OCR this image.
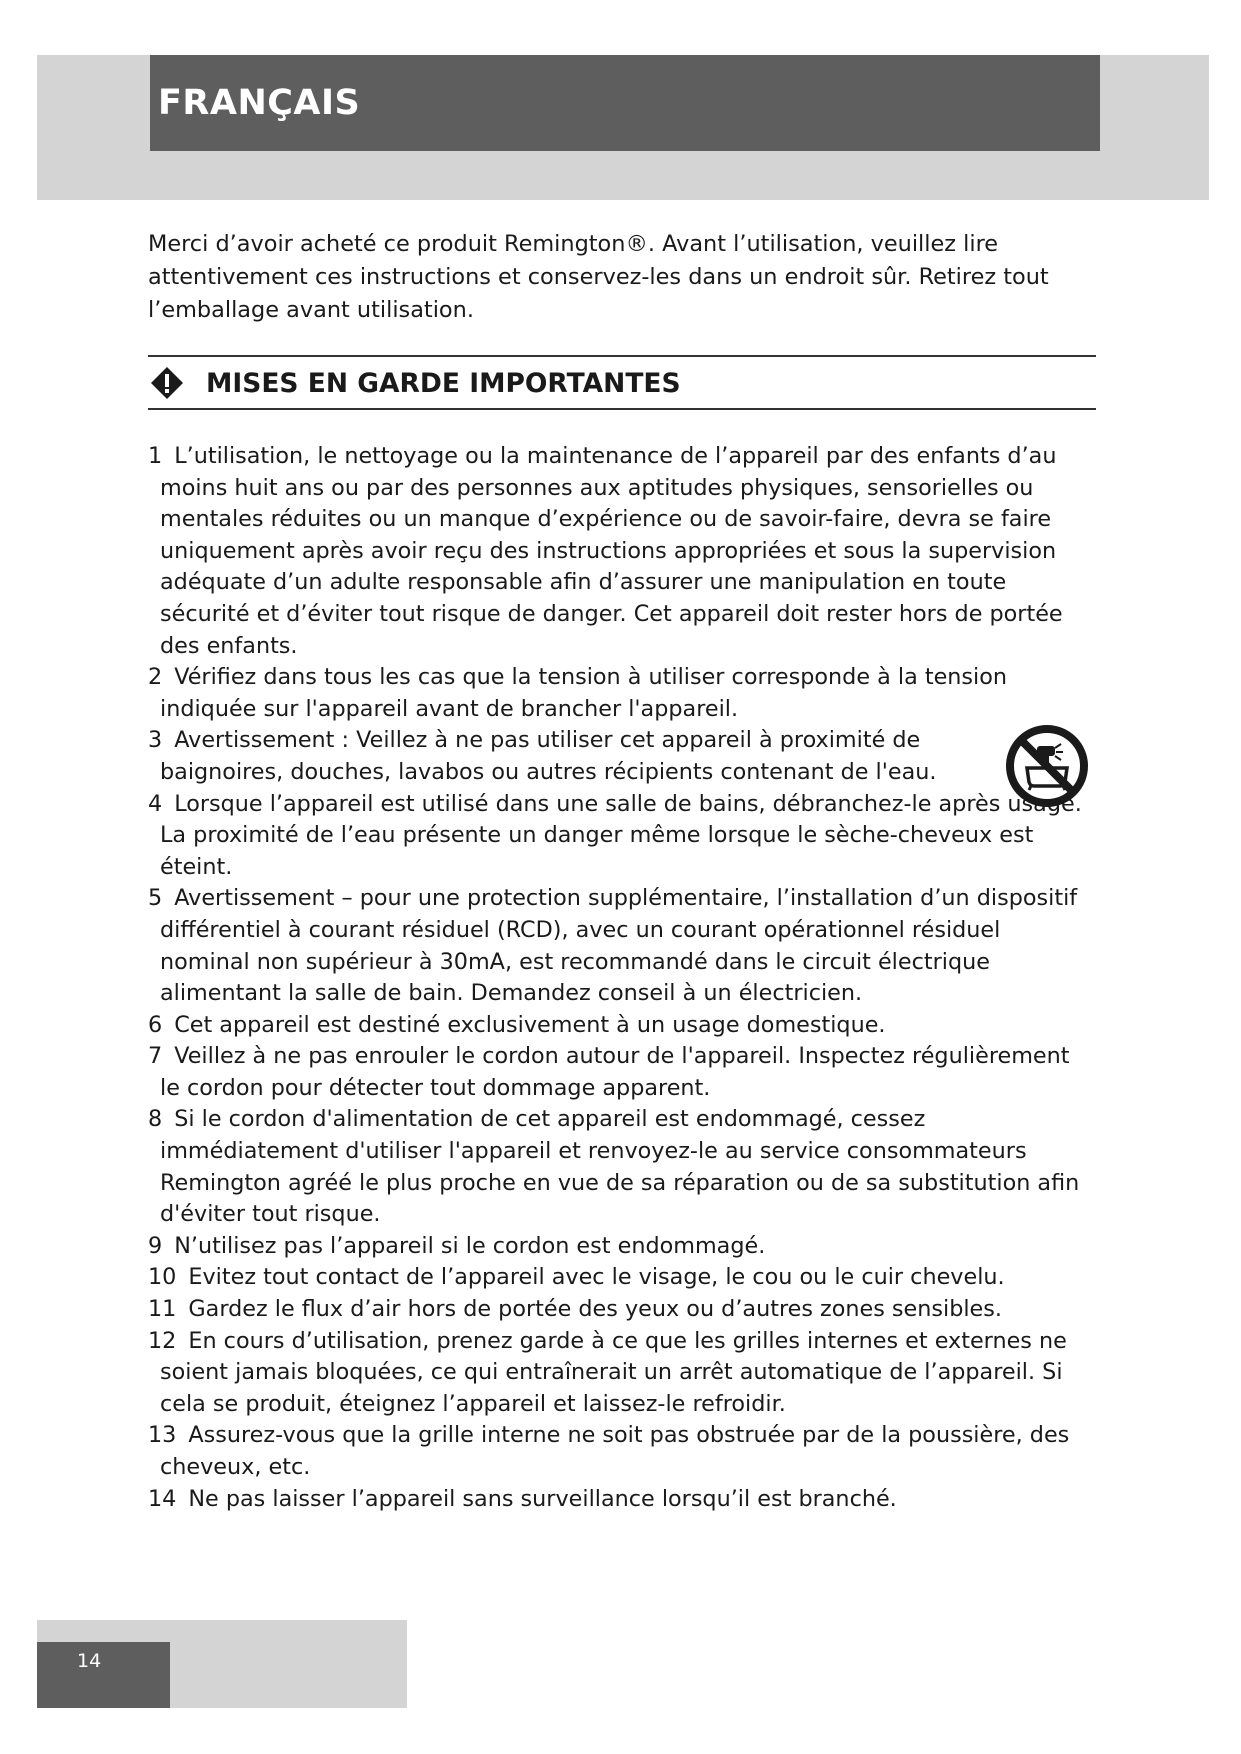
FRANÇAIS

Merci d’avoir acheté ce produit Remington®. Avant l’utilisation, veuillez lire attentivement ces instructions et conservez-les dans un endroit sûr. Retirez tout l’emballage avant utilisation.

MISES EN GARDE IMPORTANTES
1 L’utilisation, le nettoyage ou la maintenance de l’appareil par des enfants d’au moins huit ans ou par des personnes aux aptitudes physiques, sensorielles ou mentales réduites ou un manque d’expérience ou de savoir-faire, devra se faire uniquement après avoir reçu des instructions appropriées et sous la supervision adéquate d’un adulte responsable afin d’assurer une manipulation en toute sécurité et d’éviter tout risque de danger. Cet appareil doit rester hors de portée des enfants.
2 Vérifiez dans tous les cas que la tension à utiliser corresponde à la tension indiquée sur l'appareil avant de brancher l'appareil.
3 Avertissement : Veillez à ne pas utiliser cet appareil à proximité de baignoires, douches, lavabos ou autres récipients contenant de l'eau.
4 Lorsque l’appareil est utilisé dans une salle de bains, débranchez-le après usage. La proximité de l’eau présente un danger même lorsque le sèche-cheveux est éteint.
5 Avertissement – pour une protection supplémentaire, l’installation d’un dispositif différentiel à courant résiduel (RCD), avec un courant opérationnel résiduel nominal non supérieur à 30mA, est recommandé dans le circuit électrique alimentant la salle de bain. Demandez conseil à un électricien.
6 Cet appareil est destiné exclusivement à un usage domestique.
7 Veillez à ne pas enrouler le cordon autour de l'appareil. Inspectez régulièrement le cordon pour détecter tout dommage apparent.
8 Si le cordon d'alimentation de cet appareil est endommagé, cessez immédiatement d'utiliser l'appareil et renvoyez-le au service consommateurs Remington agréé le plus proche en vue de sa réparation ou de sa substitution afin d'éviter tout risque.
9 N’utilisez pas l’appareil si le cordon est endommagé.
10 Evitez tout contact de l’appareil avec le visage, le cou ou le cuir chevelu.
11 Gardez le flux d’air hors de portée des yeux ou d’autres zones sensibles.
12 En cours d’utilisation, prenez garde à ce que les grilles internes et externes ne soient jamais bloquées, ce qui entraînerait un arrêt automatique de l’appareil. Si cela se produit, éteignez l’appareil et laissez-le refroidir.
13 Assurez-vous que la grille interne ne soit pas obstruée par de la poussière, des cheveux, etc.
14 Ne pas laisser l’appareil sans surveillance lorsqu’il est branché.
14
